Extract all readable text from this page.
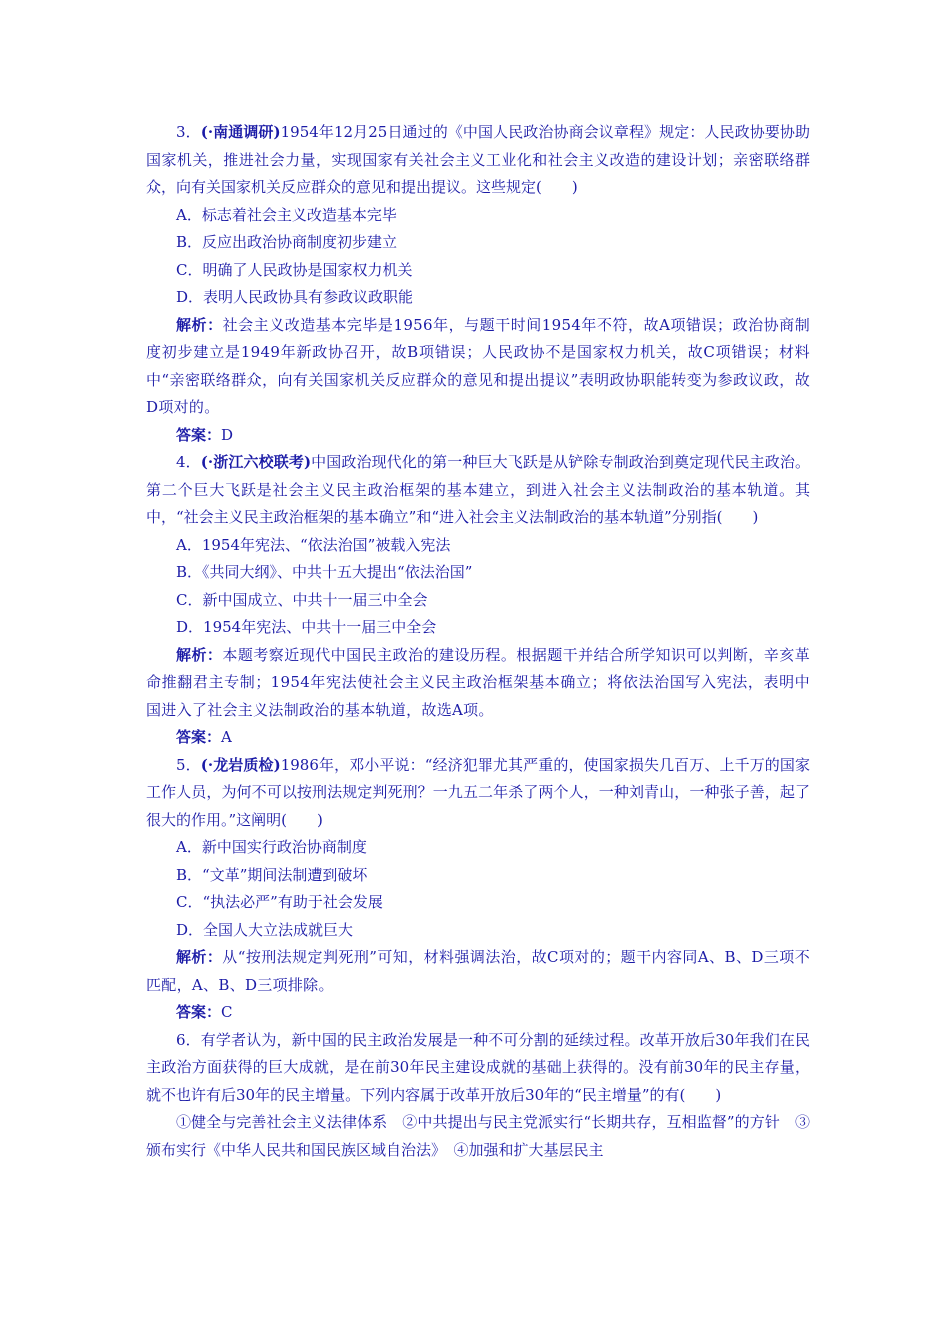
3．(·南通调研)1954年12月25日通过的《中国人民政治协商会议章程》规定：人民政协要协助国家机关，推进社会力量，实现国家有关社会主义工业化和社会主义改造的建设计划；亲密联络群众，向有关国家机关反应群众的意见和提出提议。这些规定(　　)

A．标志着社会主义改造基本完毕

B．反应出政治协商制度初步建立

C．明确了人民政协是国家权力机关

D．表明人民政协具有参政议政职能

解析：社会主义改造基本完毕是1956年，与题干时间1954年不符，故A项错误；政治协商制度初步建立是1949年新政协召开，故B项错误；人民政协不是国家权力机关，故C项错误；材料中“亲密联络群众，向有关国家机关反应群众的意见和提出提议”表明政协职能转变为参政议政，故D项对的。

答案：D

4．(·浙江六校联考)中国政治现代化的第一种巨大飞跃是从铲除专制政治到奠定现代民主政治。第二个巨大飞跃是社会主义民主政治框架的基本建立，到进入社会主义法制政治的基本轨道。其中，“社会主义民主政治框架的基本确立”和“进入社会主义法制政治的基本轨道”分别指(　　)

A．1954年宪法、“依法治国”被载入宪法

B．《共同大纲》、中共十五大提出“依法治国”

C．新中国成立、中共十一届三中全会

D．1954年宪法、中共十一届三中全会

解析：本题考察近现代中国民主政治的建设历程。根据题干并结合所学知识可以判断，辛亥革命推翻君主专制；1954年宪法使社会主义民主政治框架基本确立；将依法治国写入宪法，表明中国进入了社会主义法制政治的基本轨道，故选A项。

答案：A

5．(·龙岩质检)1986年，邓小平说：“经济犯罪尤其严重的，使国家损失几百万、上千万的国家工作人员，为何不可以按刑法规定判死刑？一九五二年杀了两个人，一种刘青山，一种张子善，起了很大的作用。”这阐明(　　)

A．新中国实行政治协商制度

B．“文革”期间法制遭到破坏

C．“执法必严”有助于社会发展

D．全国人大立法成就巨大

解析：从“按刑法规定判死刑”可知，材料强调法治，故C项对的；题干内容同A、B、D三项不匹配，A、B、D三项排除。

答案：C

6．有学者认为，新中国的民主政治发展是一种不可分割的延续过程。改革开放后30年我们在民主政治方面获得的巨大成就，是在前30年民主建设成就的基础上获得的。没有前30年的民主存量，就不也许有后30年的民主增量。下列内容属于改革开放后30年的“民主增量”的有(　　)

①健全与完善社会主义法律体系　②中共提出与民主党派实行“长期共存，互相监督”的方针　③颁布实行《中华人民共和国民族区域自治法》　④加强和扩大基层民主
